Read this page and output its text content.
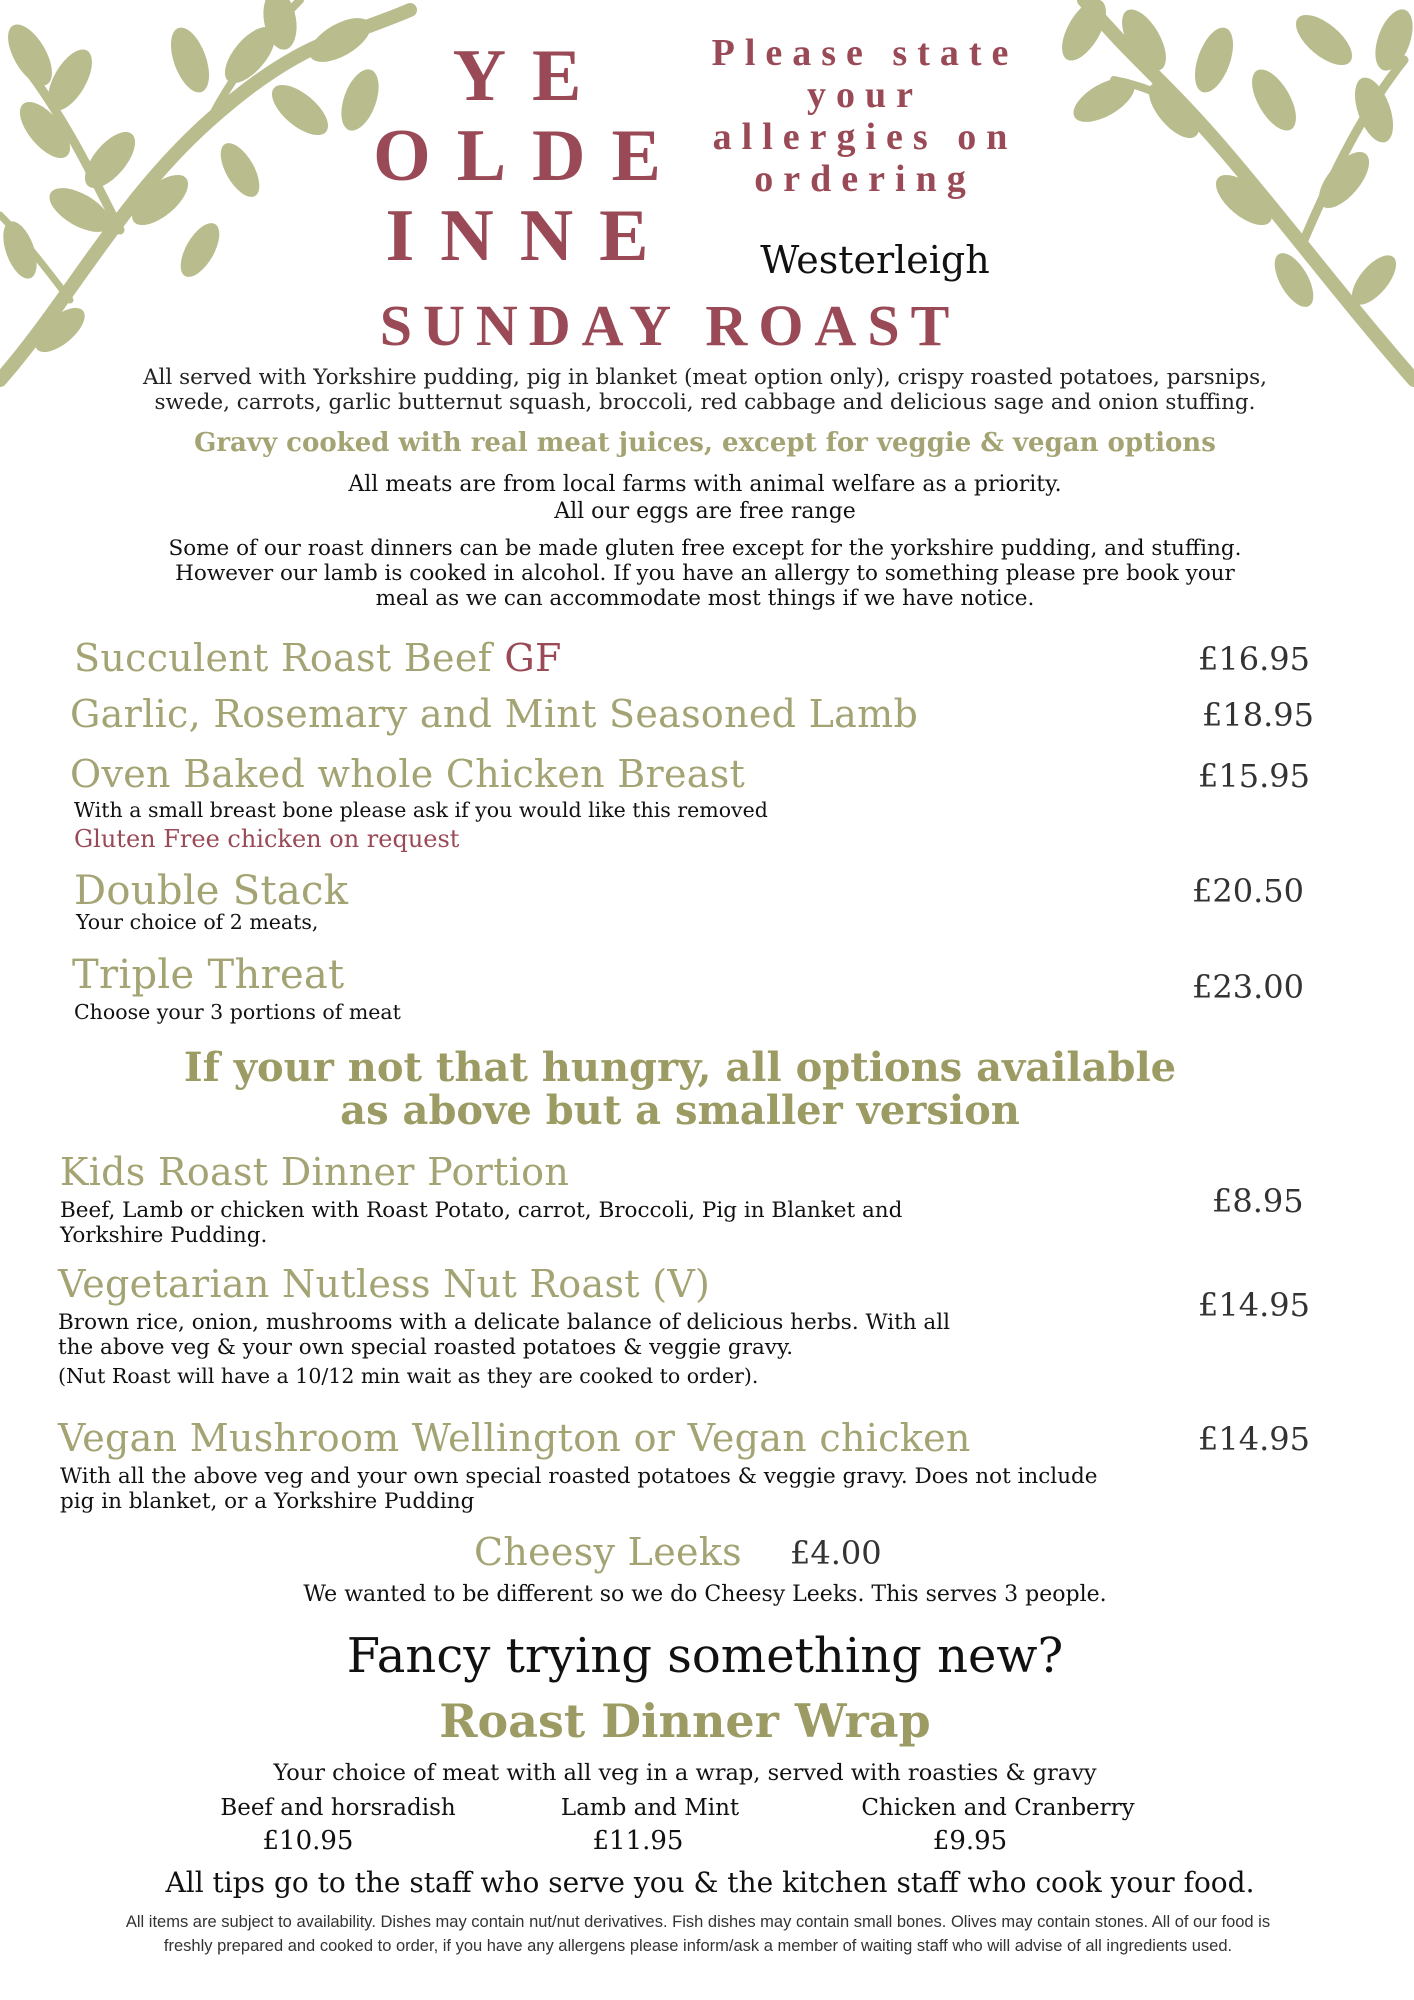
YE
OLDE
INNE
Please state
your
allergies on
ordering
Westerleigh
SUNDAY ROAST
All served with Yorkshire pudding, pig in blanket (meat option only), crispy roasted potatoes, parsnips, swede, carrots, garlic butternut squash, broccoli, red cabbage and delicious sage and onion stuffing.
Gravy cooked with real meat juices, except for veggie & vegan options
All meats are from local farms with animal welfare as a priority.
All our eggs are free range
Some of our roast dinners can be made gluten free except for the yorkshire pudding, and stuffing. However our lamb is cooked in alcohol. If you have an allergy to something please pre book your meal as we can accommodate most things if we have notice.
Succulent Roast Beef GF	£16.95
Garlic, Rosemary and Mint Seasoned Lamb	£18.95
Oven Baked whole Chicken Breast	£15.95
With a small breast bone please ask if you would like this removed
Gluten Free chicken on request
Double Stack	£20.50
Your choice of 2 meats,
Triple Threat	£23.00
Choose your 3 portions of meat
If your not that hungry, all options available as above but a smaller version
Kids Roast Dinner Portion
£8.95
Beef, Lamb or chicken with Roast Potato, carrot, Broccoli, Pig in Blanket and Yorkshire Pudding.
Vegetarian Nutless Nut Roast (V)	£14.95
Brown rice, onion, mushrooms with a delicate balance of delicious herbs. With all the above veg & your own special roasted potatoes & veggie gravy.
(Nut Roast will have a 10/12 min wait as they are cooked to order).
Vegan Mushroom Wellington or Vegan chicken	£14.95
With all the above veg and your own special roasted potatoes & veggie gravy. Does not include pig in blanket, or a Yorkshire Pudding
Cheesy Leeks £4.00
We wanted to be different so we do Cheesy Leeks. This serves 3 people.
Fancy trying something new?
Roast Dinner Wrap
Your choice of meat with all veg in a wrap, served with roasties & gravy
Beef and horsradish
£10.95
Lamb and Mint
£11.95
Chicken and Cranberry
£9.95
All tips go to the staff who serve you & the kitchen staff who cook your food.
All items are subject to availability. Dishes may contain nut/nut derivatives. Fish dishes may contain small bones. Olives may contain stones. All of our food is freshly prepared and cooked to order, if you have any allergens please inform/ask a member of waiting staff who will advise of all ingredients used.
